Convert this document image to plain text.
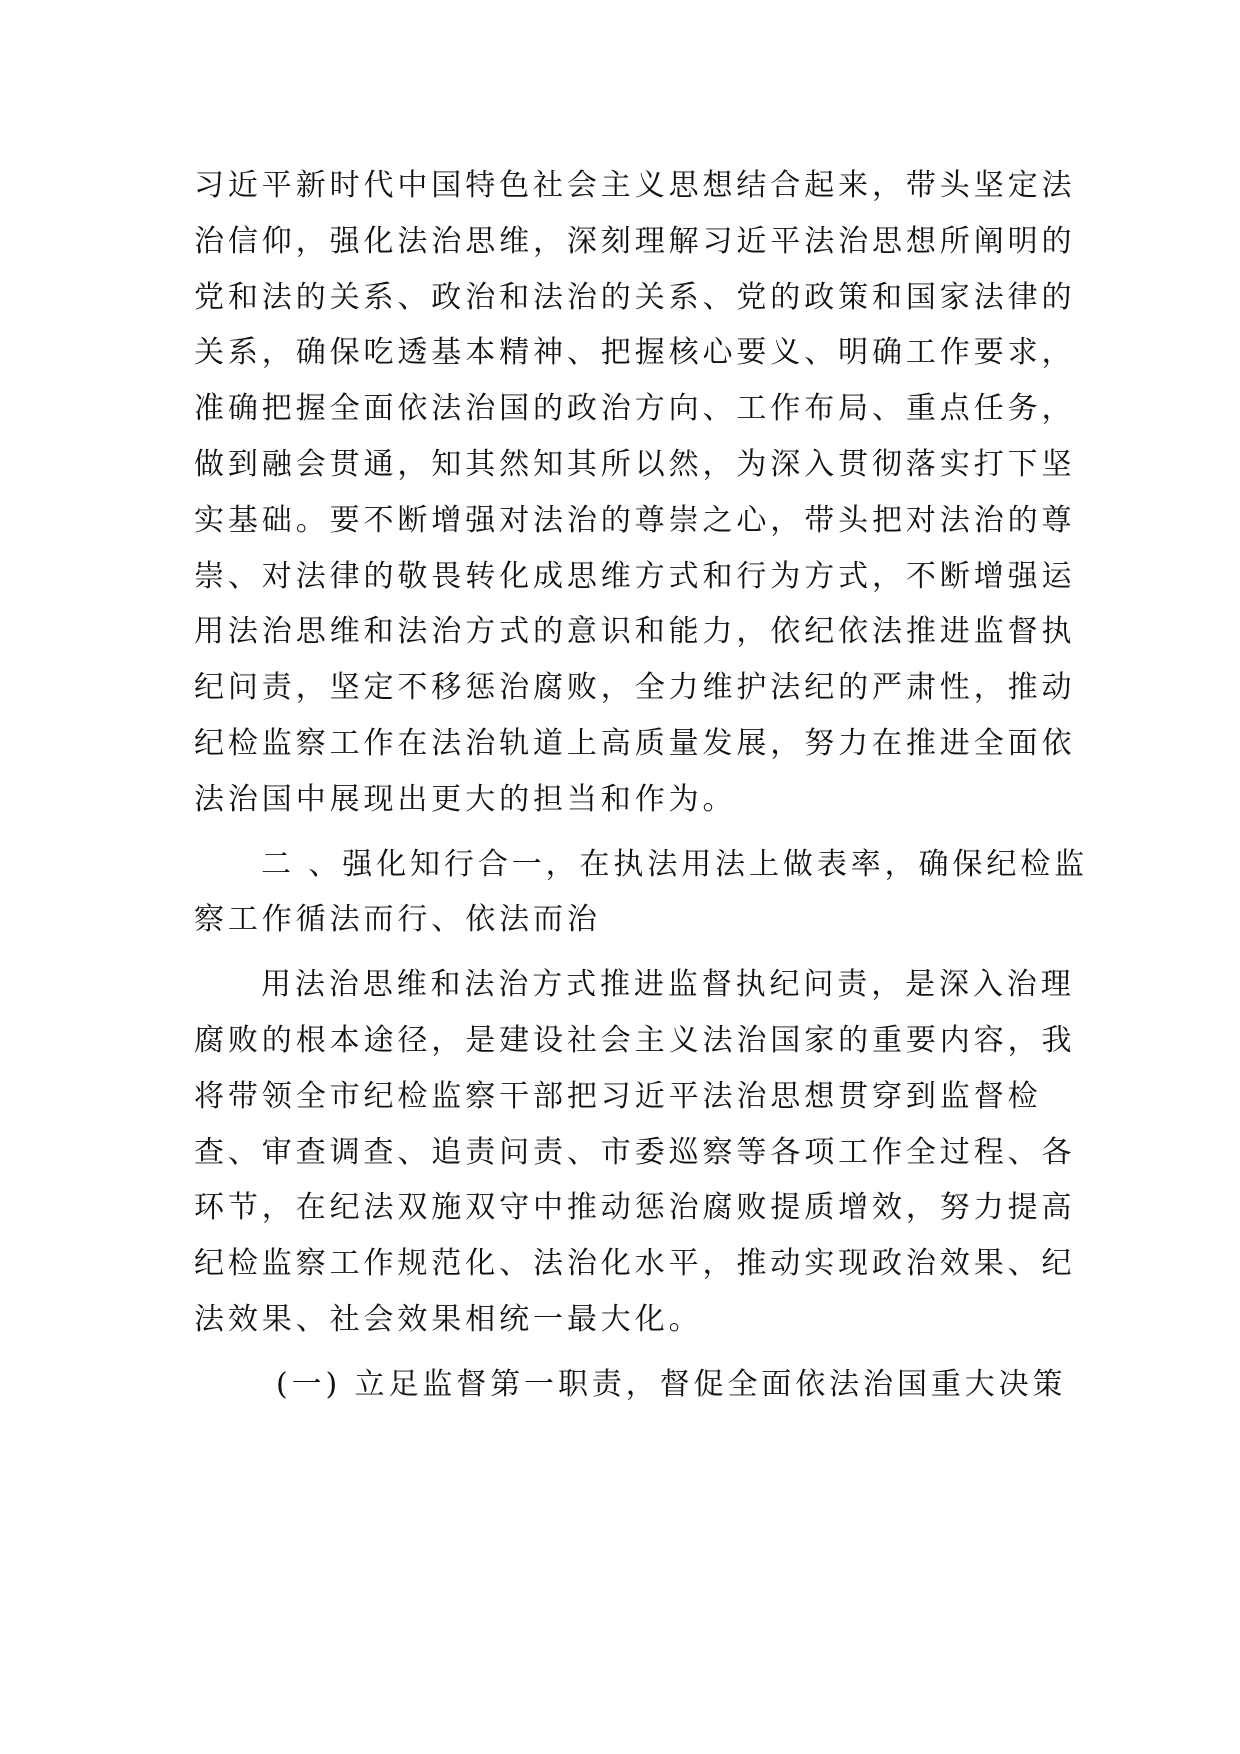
习近平新时代中国特色社会主义思想结合起来，带头坚定法
治信仰，强化法治思维，深刻理解习近平法治思想所阐明的
党和法的关系、政治和法治的关系、党的政策和国家法律的
关系，确保吃透基本精神、把握核心要义、明确工作要求，
准确把握全面依法治国的政治方向、工作布局、重点任务，
做到融会贯通，知其然知其所以然，为深入贯彻落实打下坚
实基础。要不断增强对法治的尊崇之心，带头把对法治的尊
崇、对法律的敬畏转化成思维方式和行为方式，不断增强运
用法治思维和法治方式的意识和能力，依纪依法推进监督执
纪问责，坚定不移惩治腐败，全力维护法纪的严肃性，推动
纪检监察工作在法治轨道上高质量发展，努力在推进全面依
法治国中展现出更大的担当和作为。
二 、强化知行合一，在执法用法上做表率，确保纪检监
察工作循法而行、依法而治
用法治思维和法治方式推进监督执纪问责，是深入治理
腐败的根本途径，是建设社会主义法治国家的重要内容，我
将带领全市纪检监察干部把习近平法治思想贯穿到监督检
查、审查调查、追责问责、市委巡察等各项工作全过程、各
环节，在纪法双施双守中推动惩治腐败提质增效，努力提高
纪检监察工作规范化、法治化水平，推动实现政治效果、纪
法效果、社会效果相统一最大化。
(一) 立足监督第一职责，督促全面依法治国重大决策
